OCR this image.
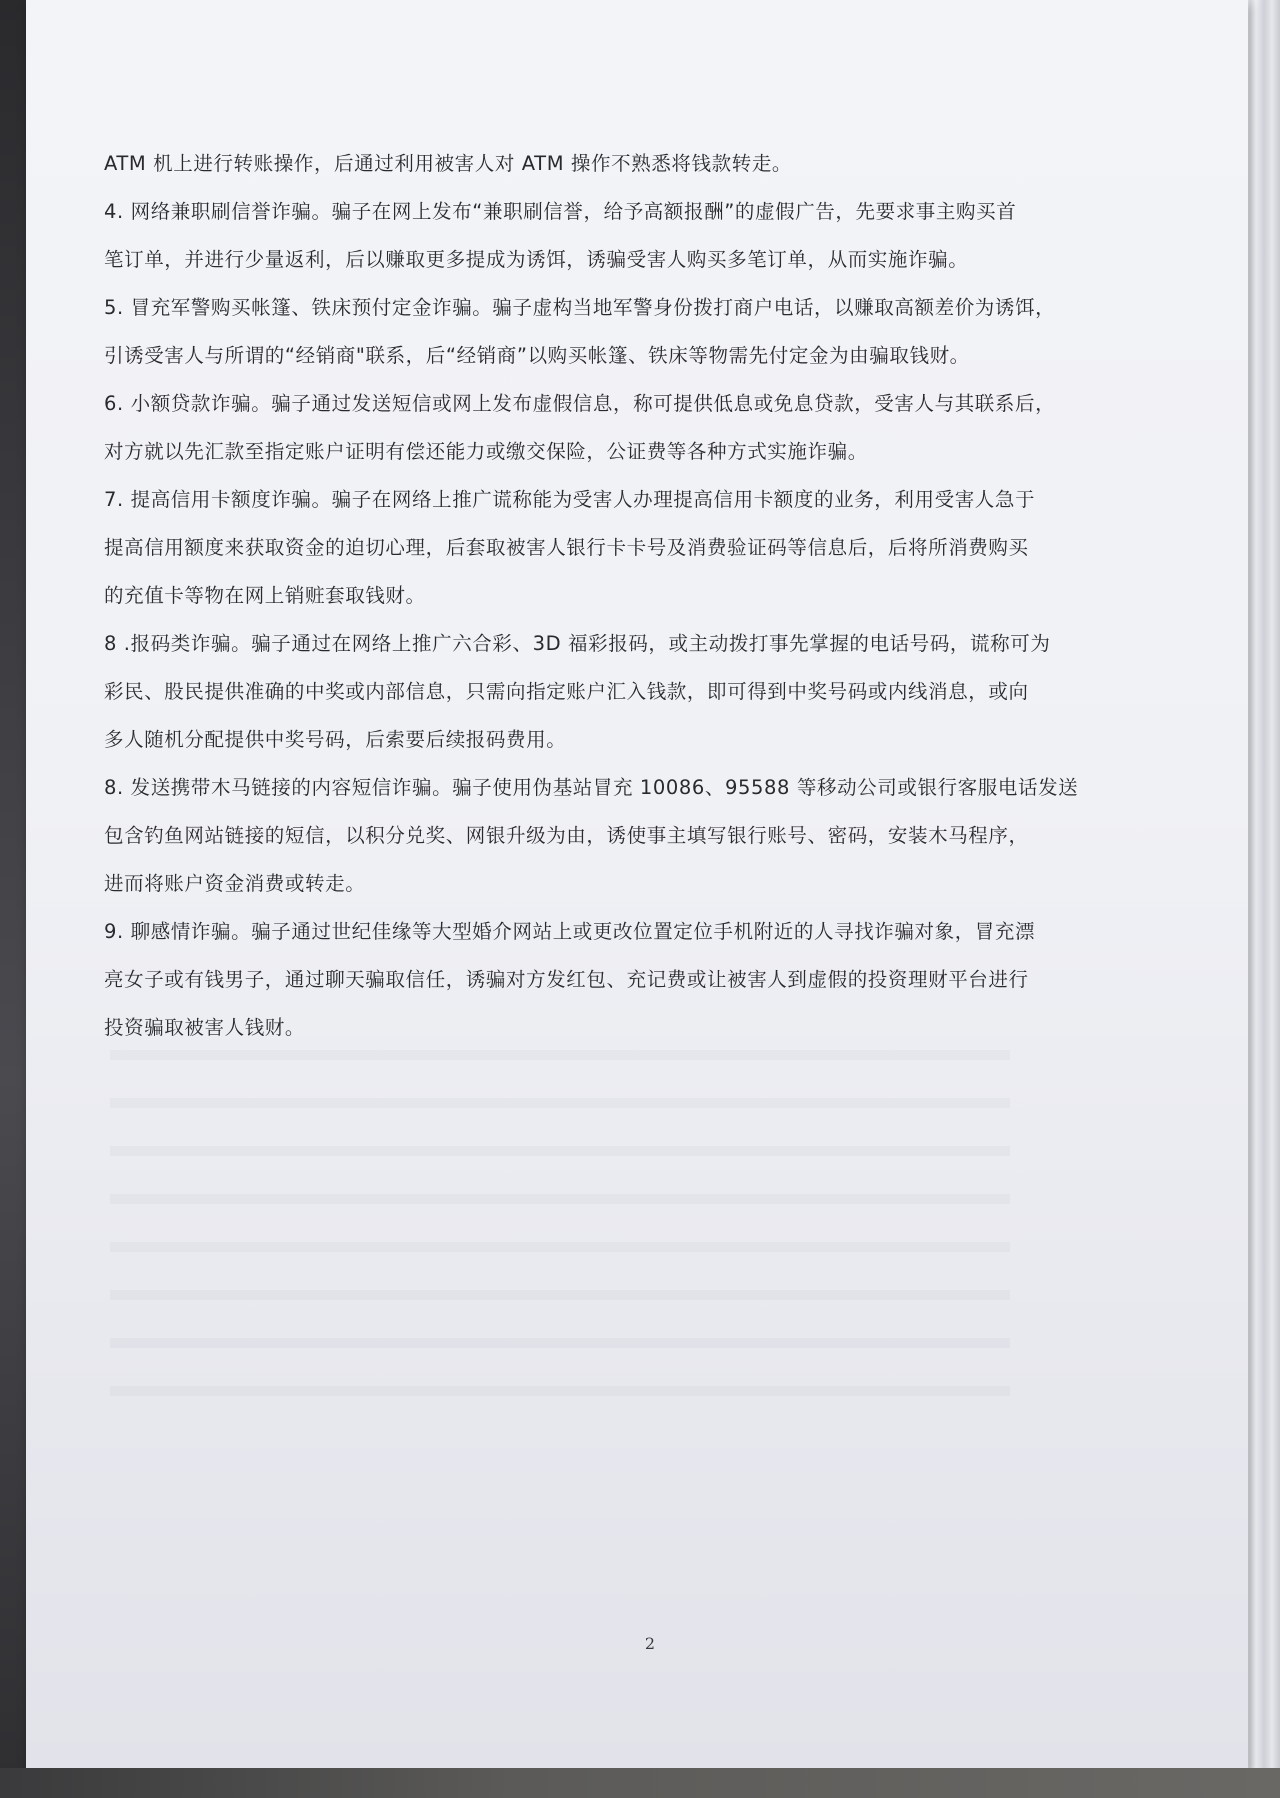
ATM 机上进行转账操作，后通过利用被害人对 ATM 操作不熟悉将钱款转走。
4. 网络兼职刷信誉诈骗。骗子在网上发布“兼职刷信誉，给予高额报酬”的虚假广告，先要求事主购买首
笔订单，并进行少量返利，后以赚取更多提成为诱饵，诱骗受害人购买多笔订单，从而实施诈骗。
5. 冒充军警购买帐篷、铁床预付定金诈骗。骗子虚构当地军警身份拨打商户电话，以赚取高额差价为诱饵，
引诱受害人与所谓的“经销商"联系，后“经销商”以购买帐篷、铁床等物需先付定金为由骗取钱财。
6. 小额贷款诈骗。骗子通过发送短信或网上发布虚假信息，称可提供低息或免息贷款，受害人与其联系后，
对方就以先汇款至指定账户证明有偿还能力或缴交保险，公证费等各种方式实施诈骗。
7. 提高信用卡额度诈骗。骗子在网络上推广谎称能为受害人办理提高信用卡额度的业务，利用受害人急于
提高信用额度来获取资金的迫切心理，后套取被害人银行卡卡号及消费验证码等信息后，后将所消费购买
的充值卡等物在网上销赃套取钱财。
8 .报码类诈骗。骗子通过在网络上推广六合彩、3D 福彩报码，或主动拨打事先掌握的电话号码，谎称可为
彩民、股民提供准确的中奖或内部信息，只需向指定账户汇入钱款，即可得到中奖号码或内线消息，或向
多人随机分配提供中奖号码，后索要后续报码费用。
8. 发送携带木马链接的内容短信诈骗。骗子使用伪基站冒充 10086、95588 等移动公司或银行客服电话发送
包含钓鱼网站链接的短信，以积分兑奖、网银升级为由，诱使事主填写银行账号、密码，安装木马程序，
进而将账户资金消费或转走。
9. 聊感情诈骗。骗子通过世纪佳缘等大型婚介网站上或更改位置定位手机附近的人寻找诈骗对象，冒充漂
亮女子或有钱男子，通过聊天骗取信任，诱骗对方发红包、充记费或让被害人到虚假的投资理财平台进行
投资骗取被害人钱财。
2
